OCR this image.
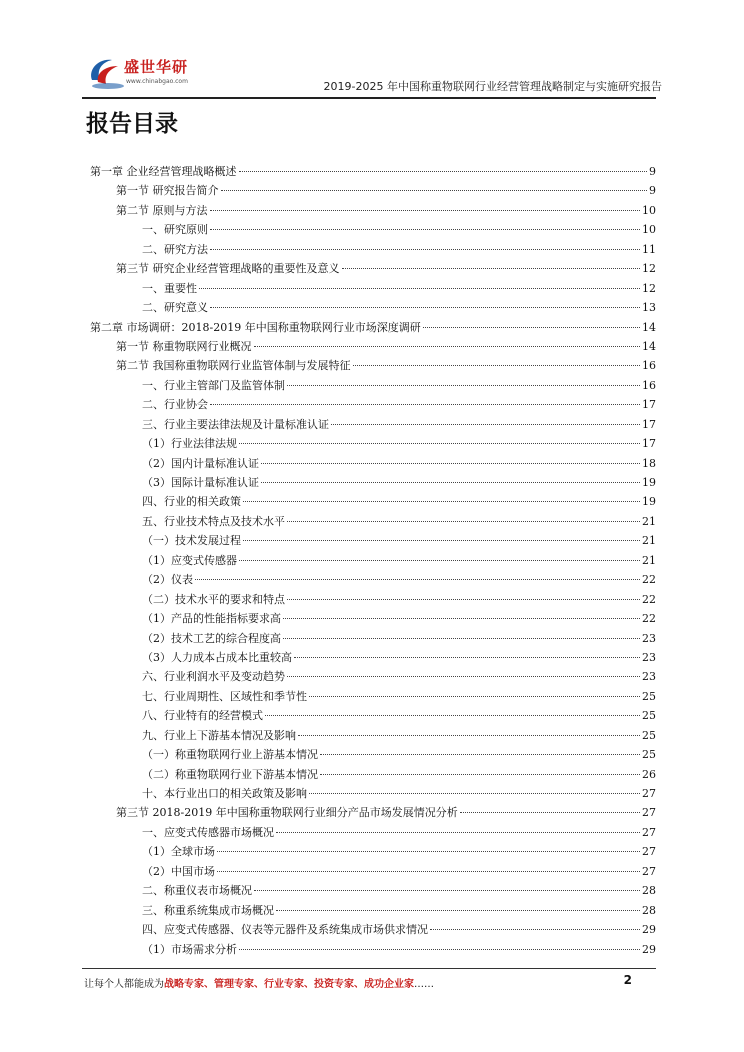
盛世华研
www.chinabgao.com	2019-2025 年中国称重物联网行业经营管理战略制定与实施研究报告
报告目录
第一章 企业经营管理战略概述	9
第一节 研究报告简介	9
第二节 原则与方法	10
一、研究原则	10
二、研究方法	11
第三节 研究企业经营管理战略的重要性及意义	12
一、重要性	12
二、研究意义	13
第二章 市场调研：2018-2019 年中国称重物联网行业市场深度调研	14
第一节 称重物联网行业概况	14
第二节 我国称重物联网行业监管体制与发展特征	16
一、行业主管部门及监管体制	16
二、行业协会	17
三、行业主要法律法规及计量标准认证	17
（1）行业法律法规	17
（2）国内计量标准认证	18
（3）国际计量标准认证	19
四、行业的相关政策	19
五、行业技术特点及技术水平	21
（一）技术发展过程	21
（1）应变式传感器	21
（2）仪表	22
（二）技术水平的要求和特点	22
（1）产品的性能指标要求高	22
（2）技术工艺的综合程度高	23
（3）人力成本占成本比重较高	23
六、行业利润水平及变动趋势	23
七、行业周期性、区域性和季节性	25
八、行业特有的经营模式	25
九、行业上下游基本情况及影响	25
（一）称重物联网行业上游基本情况	25
（二）称重物联网行业下游基本情况	26
十、本行业出口的相关政策及影响	27
第三节 2018-2019 年中国称重物联网行业细分产品市场发展情况分析	27
一、应变式传感器市场概况	27
（1）全球市场	27
（2）中国市场	27
二、称重仪表市场概况	28
三、称重系统集成市场概况	28
四、应变式传感器、仪表等元器件及系统集成市场供求情况	29
（1）市场需求分析	29
让每个人都能成为战略专家、管理专家、行业专家、投资专家、成功企业家……	2
